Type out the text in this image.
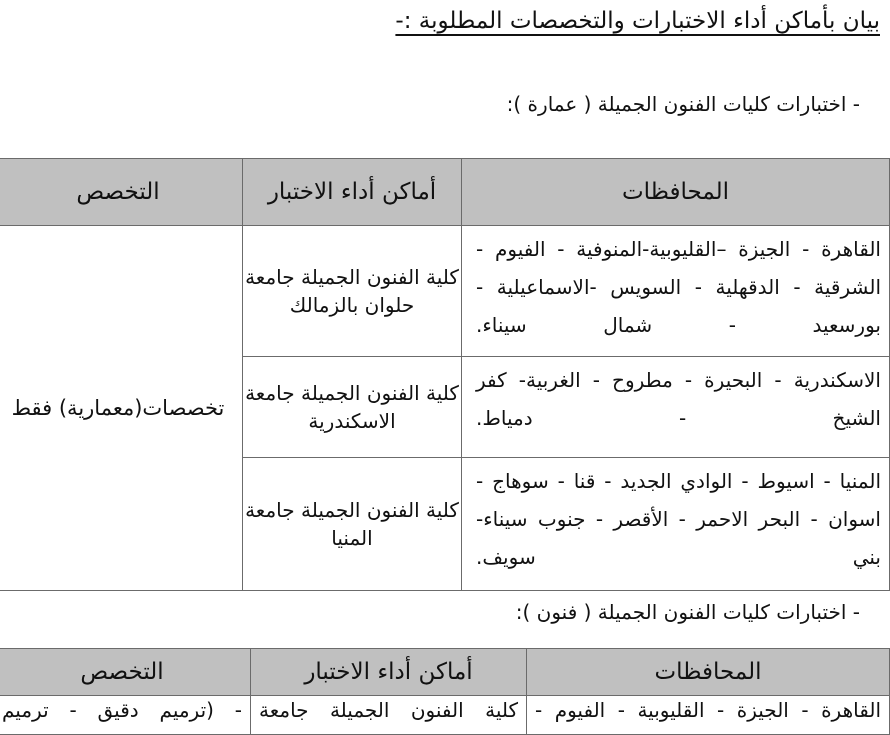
بيان بأماكن أداء الاختبارات والتخصصات المطلوبة :-
- اختبارات كليات الفنون الجميلة ( عمارة ):
المحافظات	أماكن أداء الاختبار	التخصص

القاهرة - الجيزة –القليوبية-المنوفية - الفيوم -
الشرقية - الدقهلية - السويس -الاسماعيلية -
بورسعيد - شمال سيناء.	كلية الفنون الجميلة جامعة حلوان بالزمالك	تخصصات(معمارية) فقط

الاسكندرية - البحيرة - مطروح - الغربية- كفر
الشيخ - دمياط.	كلية الفنون الجميلة جامعة الاسكندرية	

المنيا - اسيوط - الوادي الجديد - قنا - سوهاج -
اسوان - البحر الاحمر - الأقصر - جنوب سيناء-
بني سويف.	كلية الفنون الجميلة جامعة المنيا	
- اختبارات كليات الفنون الجميلة ( فنون ):
المحافظات	أماكن أداء الاختبار	التخصص
القاهرة - الجيزة - القليوبية - الفيوم -	كلية الفنون الجميلة جامعة	- (ترميم دقيق - ترميم
